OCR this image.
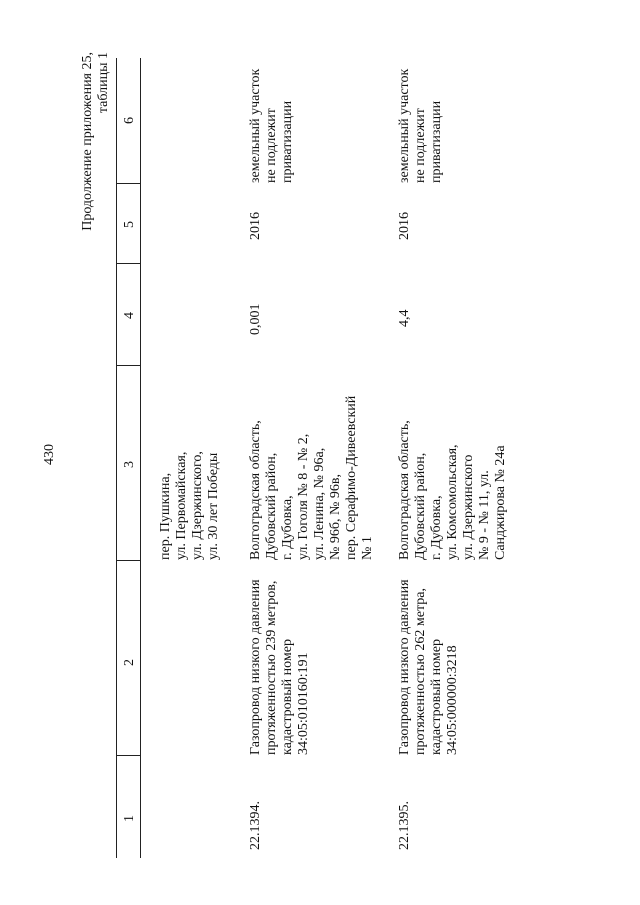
430
Продолжение приложения 25, таблицы 1
1
2
3
4
5
6
пер. Пушкина, ул. Первомайская, ул. Дзержинского, ул. 30 лет Победы
22.1394.
Газопровод низкого давления протяженностью 239 метров, кадастровый номер 34:05:010160:191
Волгоградская область, Дубовский район, г. Дубовка, ул. Гоголя № 8 - № 2, ул. Ленина, № 96а, № 96б, № 96в, пер. Серафимо-Дивеевский № 1
0,001
2016
земельный участок не подлежит приватизации
22.1395.
Газопровод низкого давления протяженностью 262 метра, кадастровый номер 34:05:000000:3218
Волгоградская область, Дубовский район, г. Дубовка, ул. Комсомольская, ул. Дзержинского № 9 - № 11, ул. Санджирова № 24а
4,4
2016
земельный участок не подлежит приватизации
